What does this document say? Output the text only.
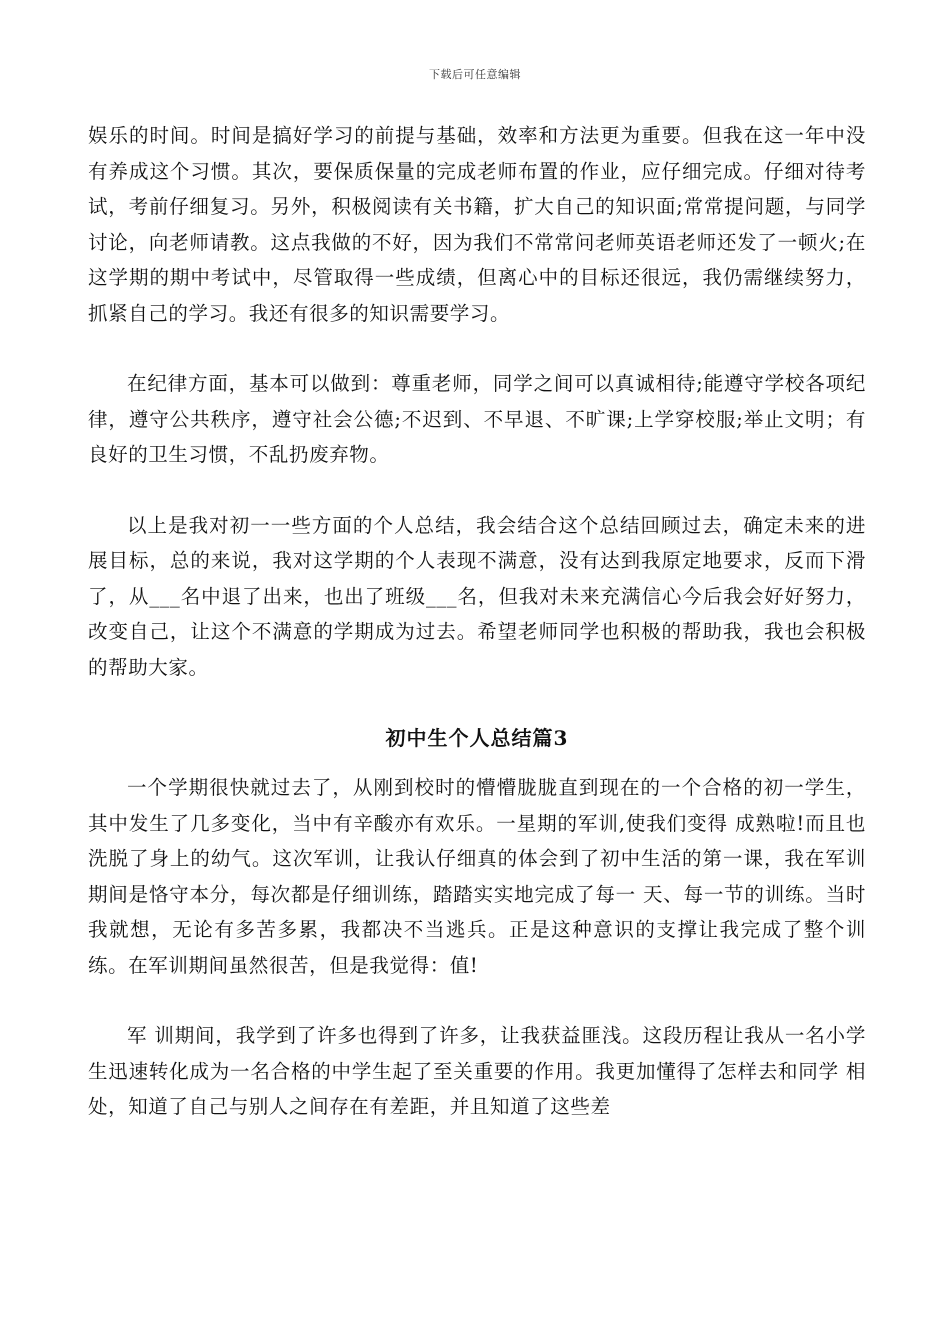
下载后可任意编辑

娱乐的时间。时间是搞好学习的前提与基础，效率和方法更为重要。但我在这一年中没有养成这个习惯。其次，要保质保量的完成老师布置的作业，应仔细完成。仔细对待考试，考前仔细复习。另外，积极阅读有关书籍，扩大自己的知识面;常常提问题，与同学讨论，向老师请教。这点我做的不好，因为我们不常常问老师英语老师还发了一顿火;在这学期的期中考试中，尽管取得一些成绩，但离心中的目标还很远，我仍需继续努力，抓紧自己的学习。我还有很多的知识需要学习。

在纪律方面，基本可以做到：尊重老师，同学之间可以真诚相待;能遵守学校各项纪律，遵守公共秩序，遵守社会公德;不迟到、不早退、不旷课;上学穿校服;举止文明；有良好的卫生习惯，不乱扔废弃物。

以上是我对初一一些方面的个人总结，我会结合这个总结回顾过去，确定未来的进展目标，总的来说，我对这学期的个人表现不满意，没有达到我原定地要求，反而下滑了，从___名中退了出来，也出了班级___名，但我对未来充满信心今后我会好好努力，改变自己，让这个不满意的学期成为过去。希望老师同学也积极的帮助我，我也会积极的帮助大家。

初中生个人总结篇3

一个学期很快就过去了，从刚到校时的懵懵胧胧直到现在的一个合格的初一学生，其中发生了几多变化，当中有辛酸亦有欢乐。一星期的军训,使我们变得 成熟啦!而且也洗脱了身上的幼气。这次军训，让我认仔细真的体会到了初中生活的第一课，我在军训期间是恪守本分，每次都是仔细训练，踏踏实实地完成了每一 天、每一节的训练。当时我就想，无论有多苦多累，我都决不当逃兵。正是这种意识的支撑让我完成了整个训练。在军训期间虽然很苦，但是我觉得：值!

军 训期间，我学到了许多也得到了许多，让我获益匪浅。这段历程让我从一名小学生迅速转化成为一名合格的中学生起了至关重要的作用。我更加懂得了怎样去和同学 相处，知道了自己与别人之间存在有差距，并且知道了这些差
